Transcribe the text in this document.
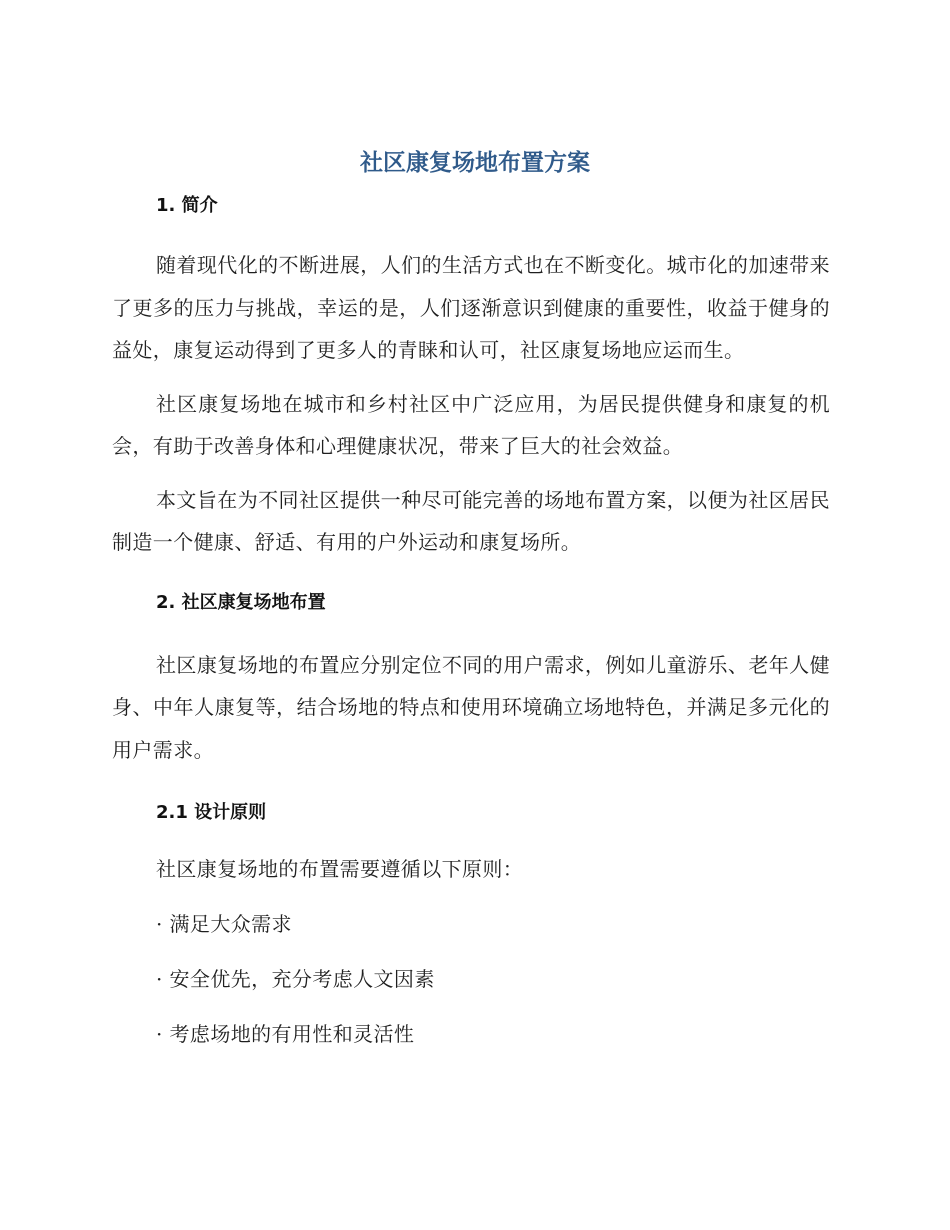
社区康复场地布置方案
1. 简介

随着现代化的不断进展，人们的生活方式也在不断变化。城市化的加速带来了更多的压力与挑战，幸运的是，人们逐渐意识到健康的重要性，收益于健身的益处，康复运动得到了更多人的青睐和认可，社区康复场地应运而生。

社区康复场地在城市和乡村社区中广泛应用，为居民提供健身和康复的机会，有助于改善身体和心理健康状况，带来了巨大的社会效益。

本文旨在为不同社区提供一种尽可能完善的场地布置方案，以便为社区居民制造一个健康、舒适、有用的户外运动和康复场所。

2. 社区康复场地布置

社区康复场地的布置应分别定位不同的用户需求，例如儿童游乐、老年人健身、中年人康复等，结合场地的特点和使用环境确立场地特色，并满足多元化的用户需求。

2.1 设计原则

社区康复场地的布置需要遵循以下原则：

· 满足大众需求

· 安全优先，充分考虑人文因素

· 考虑场地的有用性和灵活性
